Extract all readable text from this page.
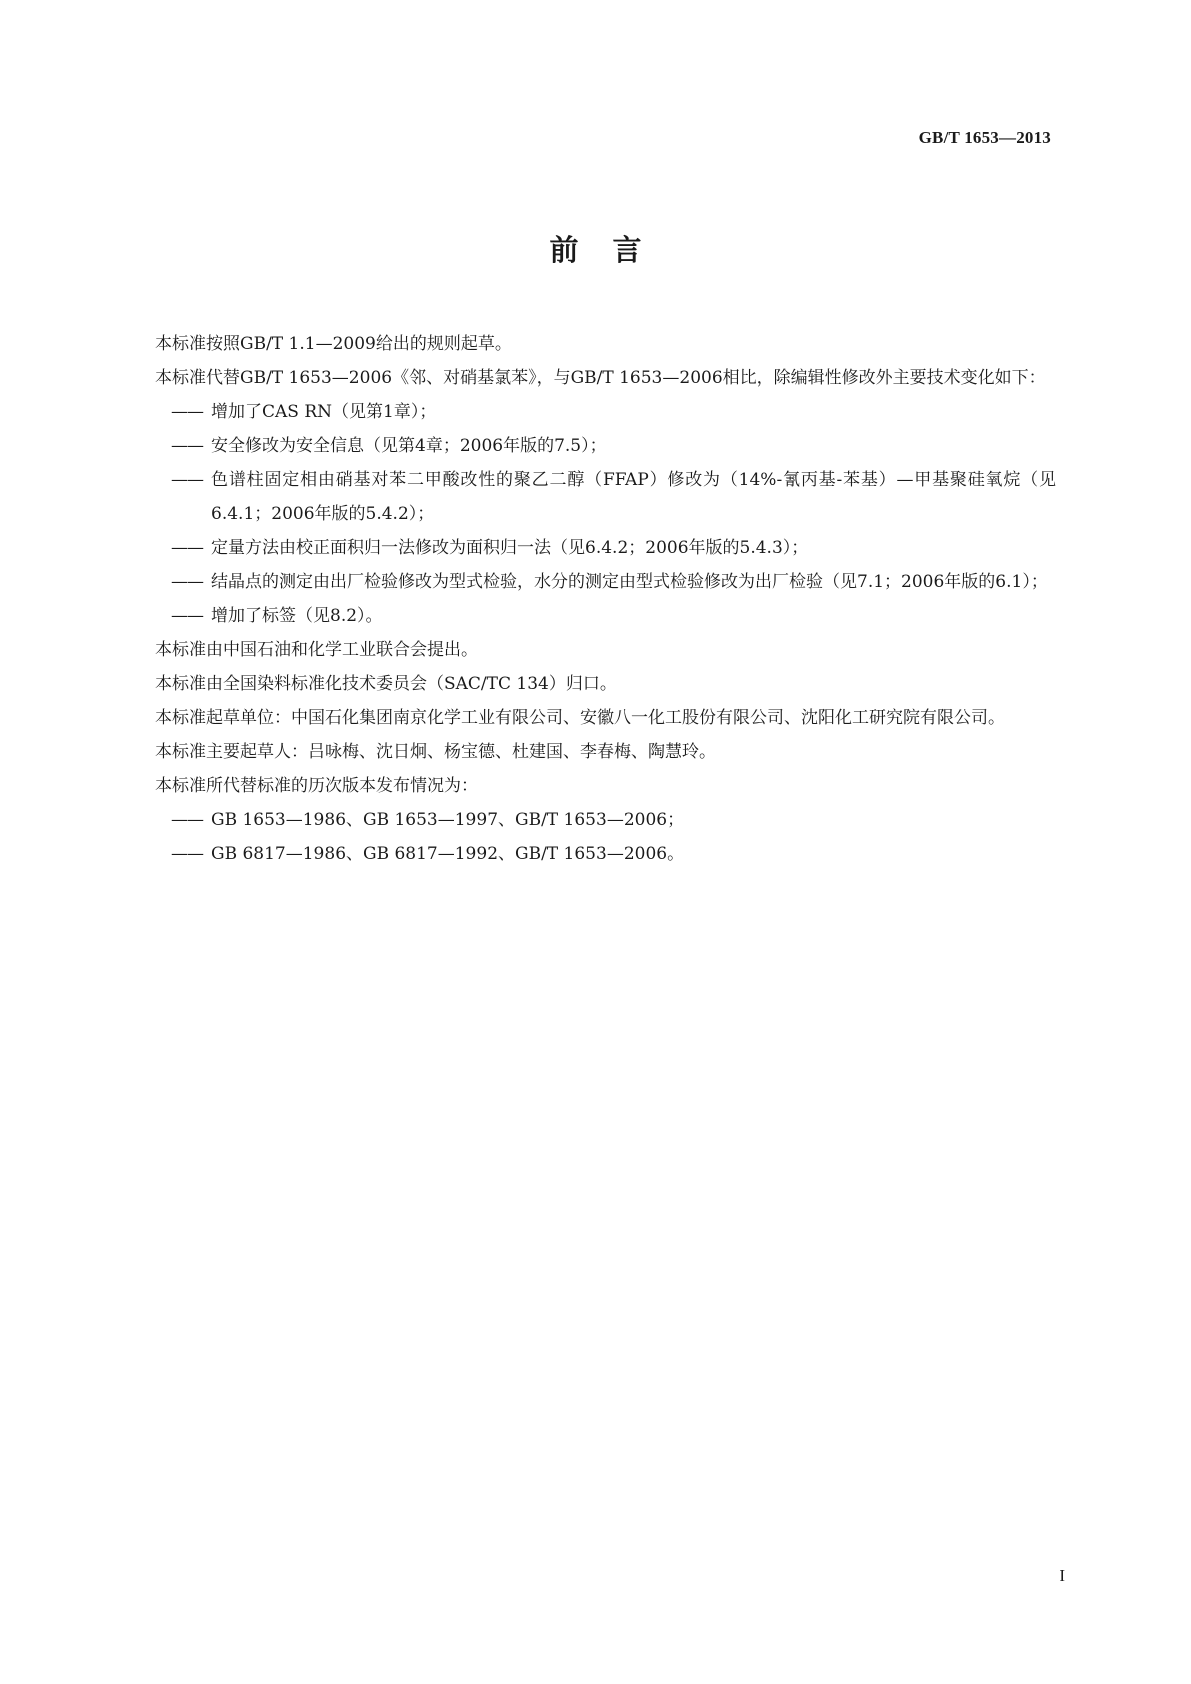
GB/T 1653—2013
前言

本标准按照GB/T 1.1—2009给出的规则起草。

本标准代替GB/T 1653—2006《邻、对硝基氯苯》，与GB/T 1653—2006相比，除编辑性修改外主要技术变化如下：

—— 增加了CAS RN（见第1章）；

—— 安全修改为安全信息（见第4章；2006年版的7.5）；

—— 色谱柱固定相由硝基对苯二甲酸改性的聚乙二醇（FFAP）修改为（14%-氰丙基-苯基）—甲基聚硅氧烷（见6.4.1；2006年版的5.4.2）；

—— 定量方法由校正面积归一法修改为面积归一法（见6.4.2；2006年版的5.4.3）；

—— 结晶点的测定由出厂检验修改为型式检验，水分的测定由型式检验修改为出厂检验（见7.1；2006年版的6.1）；

—— 增加了标签（见8.2）。

本标准由中国石油和化学工业联合会提出。

本标准由全国染料标准化技术委员会（SAC/TC 134）归口。

本标准起草单位：中国石化集团南京化学工业有限公司、安徽八一化工股份有限公司、沈阳化工研究院有限公司。

本标准主要起草人：吕咏梅、沈日炯、杨宝德、杜建国、李春梅、陶慧玲。

本标准所代替标准的历次版本发布情况为：

—— GB 1653—1986、GB 1653—1997、GB/T 1653—2006；

—— GB 6817—1986、GB 6817—1992、GB/T 1653—2006。

I
